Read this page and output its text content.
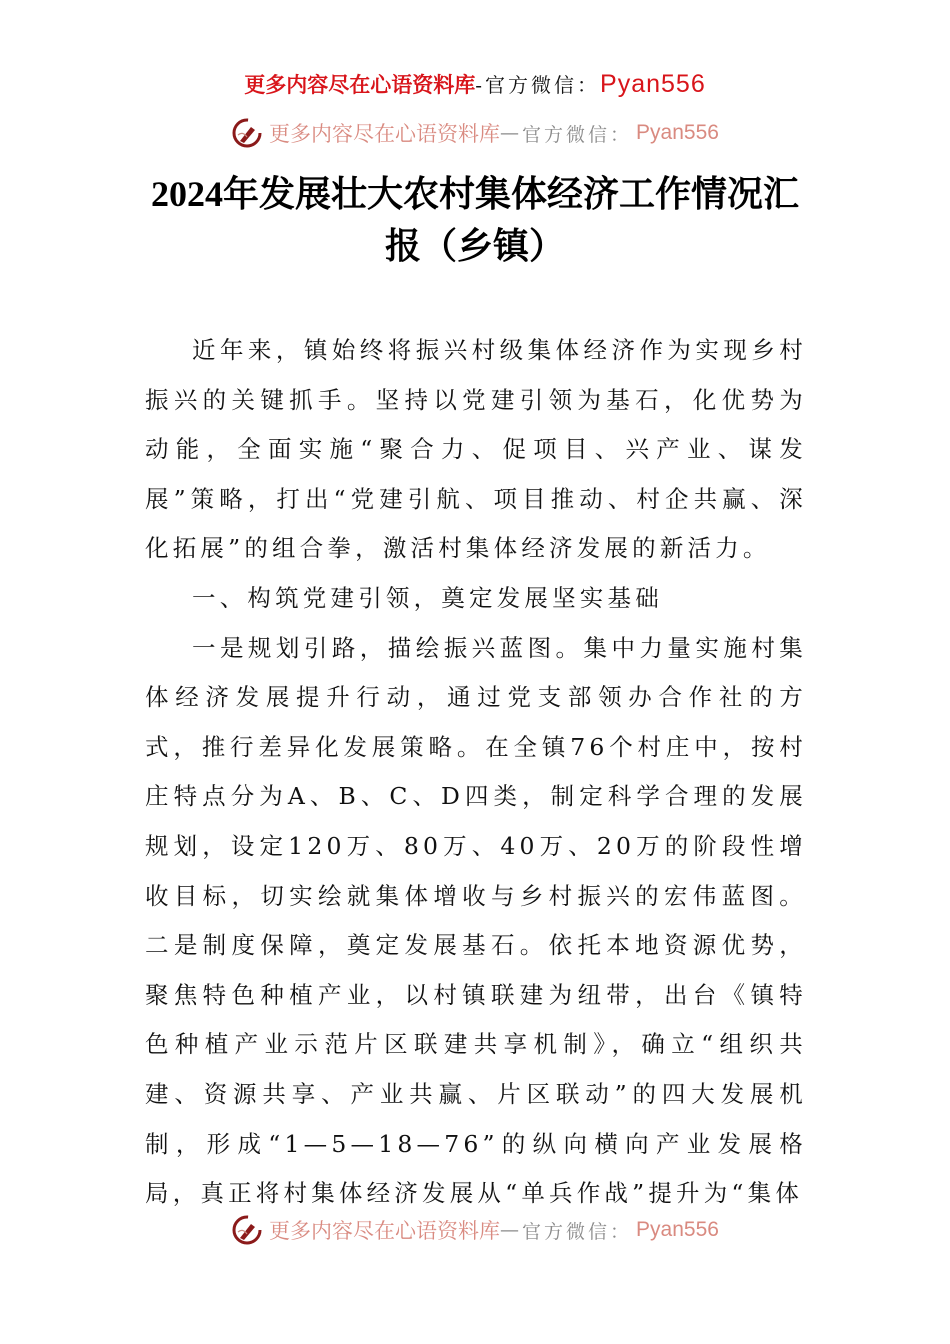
更多内容尽在心语资料库-官方微信：Pyan556
更多内容尽在心语资料库 — 官方微信： Pyan556
2024年发展壮大农村集体经济工作情况汇
报（乡镇）

近年来，镇始终将振兴村级集体经济作为实现乡村振兴的关键抓手。坚持以党建引领为基石，化优势为动能，全面实施“聚合力、促项目、兴产业、谋发展”策略，打出“党建引航、项目推动、村企共赢、深化拓展”的组合拳，激活村集体经济发展的新活力。

一、构筑党建引领，奠定发展坚实基础

一是规划引路，描绘振兴蓝图。集中力量实施村集体经济发展提升行动，通过党支部领办合作社的方式，推行差异化发展策略。在全镇76个村庄中，按村庄特点分为A、B、C、D四类，制定科学合理的发展规划，设定120万、80万、40万、20万的阶段性增收目标，切实绘就集体增收与乡村振兴的宏伟蓝图。二是制度保障，奠定发展基石。依托本地资源优势，聚焦特色种植产业，以村镇联建为纽带，出台《镇特色种植产业示范片区联建共享机制》，确立“组织共建、资源共享、产业共赢、片区联动”的四大发展机制，形成“1—5—18—76”的纵向横向产业发展格局，真正将村集体经济发展从“单兵作战”提升为“集体

更多内容尽在心语资料库 — 官方微信： Pyan556
